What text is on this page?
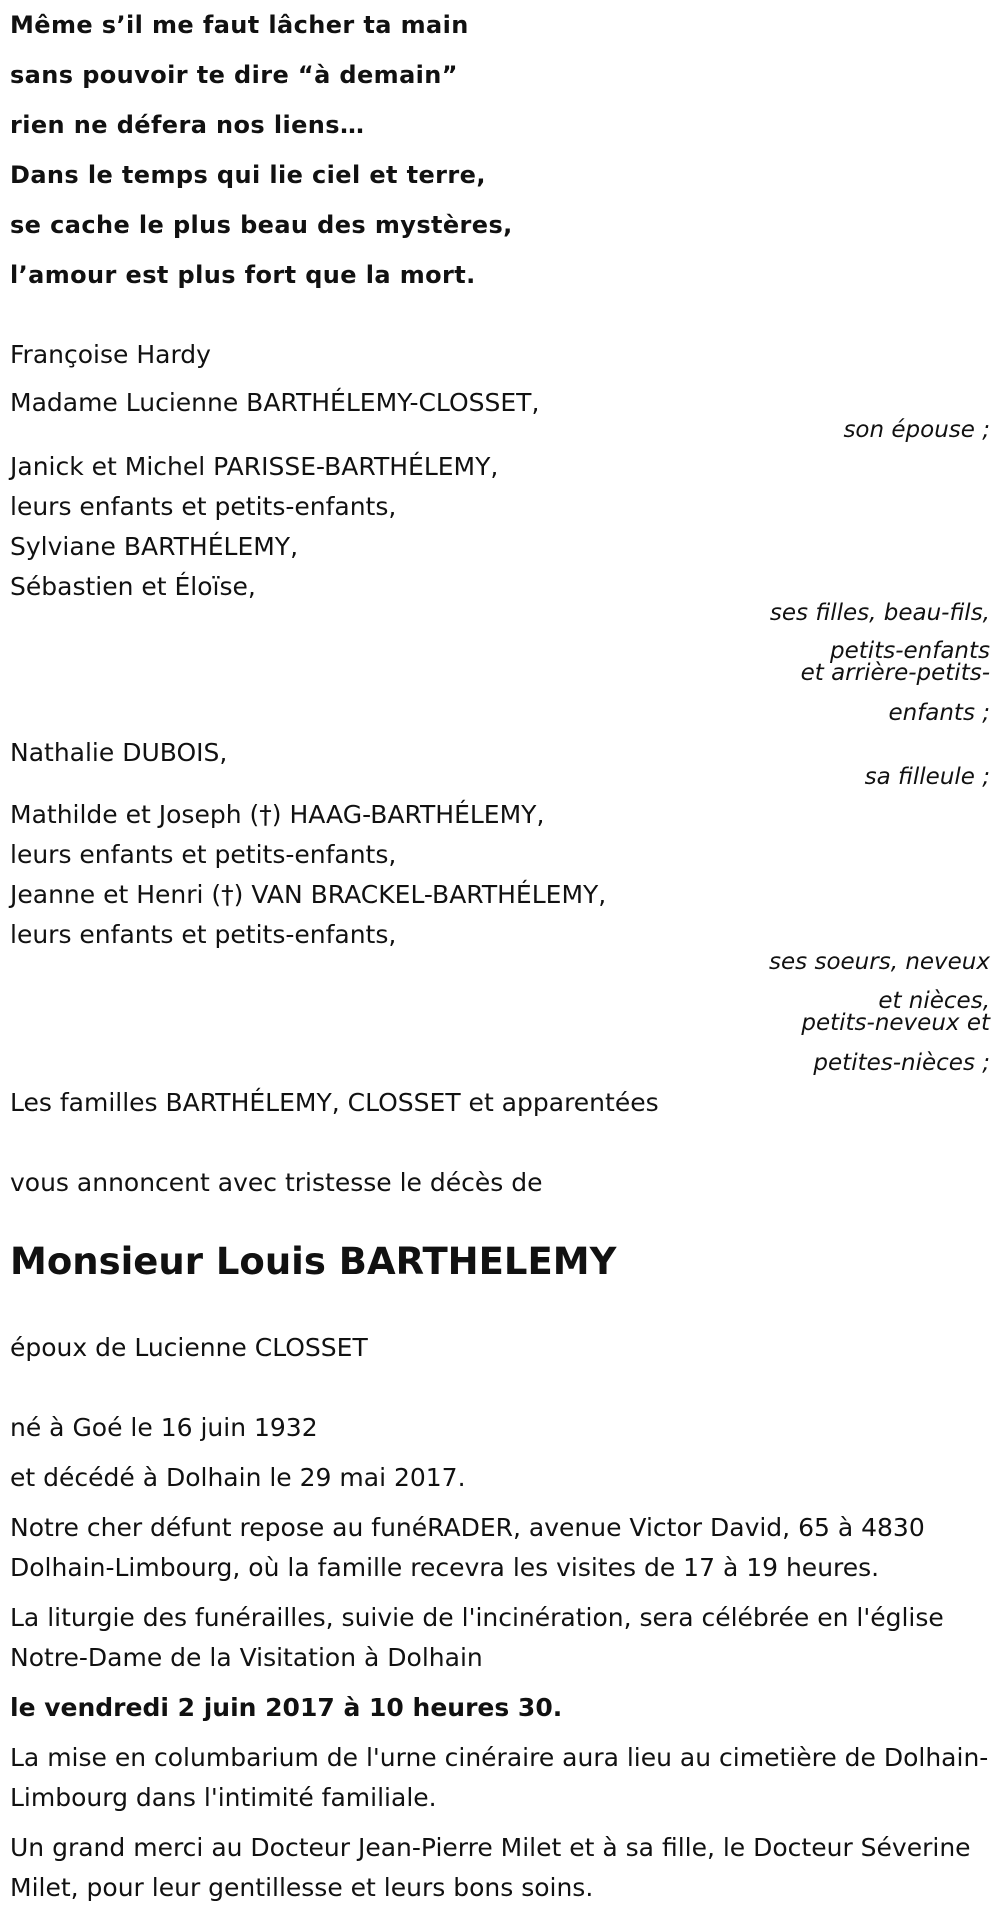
Même s’il me faut lâcher ta main
sans pouvoir te dire “à demain”
rien ne défera nos liens…
Dans le temps qui lie ciel et terre,
se cache le plus beau des mystères,
l’amour est plus fort que la mort.
Françoise Hardy
Madame Lucienne BARTHÉLEMY-CLOSSET,
son épouse ;
Janick et Michel PARISSE-BARTHÉLEMY,
leurs enfants et petits-enfants,
Sylviane BARTHÉLEMY,
Sébastien et Éloïse,
ses filles, beau-fils,
petits-enfants
et arrière-petits-
enfants ;
Nathalie DUBOIS,
sa filleule ;
Mathilde et Joseph (†) HAAG-BARTHÉLEMY,
leurs enfants et petits-enfants,
Jeanne et Henri (†) VAN BRACKEL-BARTHÉLEMY,
leurs enfants et petits-enfants,
ses soeurs, neveux
et nièces,
petits-neveux et
petites-nièces ;
Les familles BARTHÉLEMY, CLOSSET et apparentées
vous annoncent avec tristesse le décès de
Monsieur Louis BARTHELEMY
époux de Lucienne CLOSSET
né à Goé le 16 juin 1932
et décédé à Dolhain le 29 mai 2017.
Notre cher défunt repose au funéRADER, avenue Victor David, 65 à 4830 Dolhain-Limbourg, où la famille recevra les visites de 17 à 19 heures.
La liturgie des funérailles, suivie de l'incinération, sera célébrée en l'église Notre-Dame de la Visitation à Dolhain
le vendredi 2 juin 2017 à 10 heures 30.
La mise en columbarium de l'urne cinéraire aura lieu au cimetière de Dolhain-Limbourg dans l'intimité familiale.
Un grand merci au Docteur Jean-Pierre Milet et à sa fille, le Docteur Séverine Milet, pour leur gentillesse et leurs bons soins.
